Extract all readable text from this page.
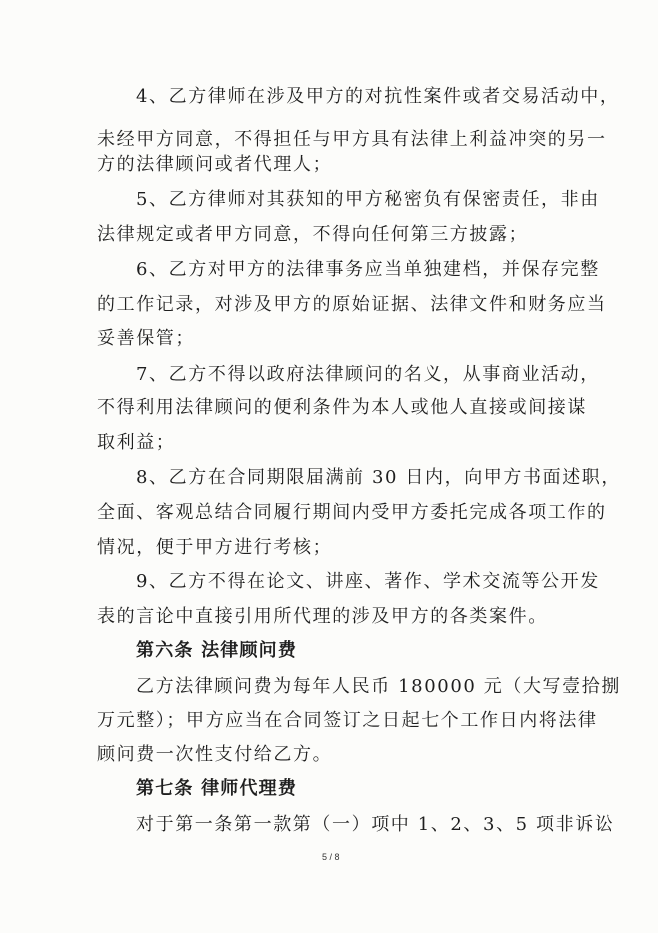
4、乙方律师在涉及甲方的对抗性案件或者交易活动中，
未经甲方同意，不得担任与甲方具有法律上利益冲突的另一
方的法律顾问或者代理人；
5、乙方律师对其获知的甲方秘密负有保密责任，非由
法律规定或者甲方同意，不得向任何第三方披露；
6、乙方对甲方的法律事务应当单独建档，并保存完整
的工作记录，对涉及甲方的原始证据、法律文件和财务应当
妥善保管；
7、乙方不得以政府法律顾问的名义，从事商业活动，
不得利用法律顾问的便利条件为本人或他人直接或间接谋
取利益；
8、乙方在合同期限届满前 30 日内，向甲方书面述职，
全面、客观总结合同履行期间内受甲方委托完成各项工作的
情况，便于甲方进行考核；
9、乙方不得在论文、讲座、著作、学术交流等公开发
表的言论中直接引用所代理的涉及甲方的各类案件。
第六条 法律顾问费
乙方法律顾问费为每年人民币 180000 元（大写壹拾捌
万元整）；甲方应当在合同签订之日起七个工作日内将法律
顾问费一次性支付给乙方。
第七条 律师代理费
对于第一条第一款第（一）项中 1、2、3、5 项非诉讼
5 / 8
